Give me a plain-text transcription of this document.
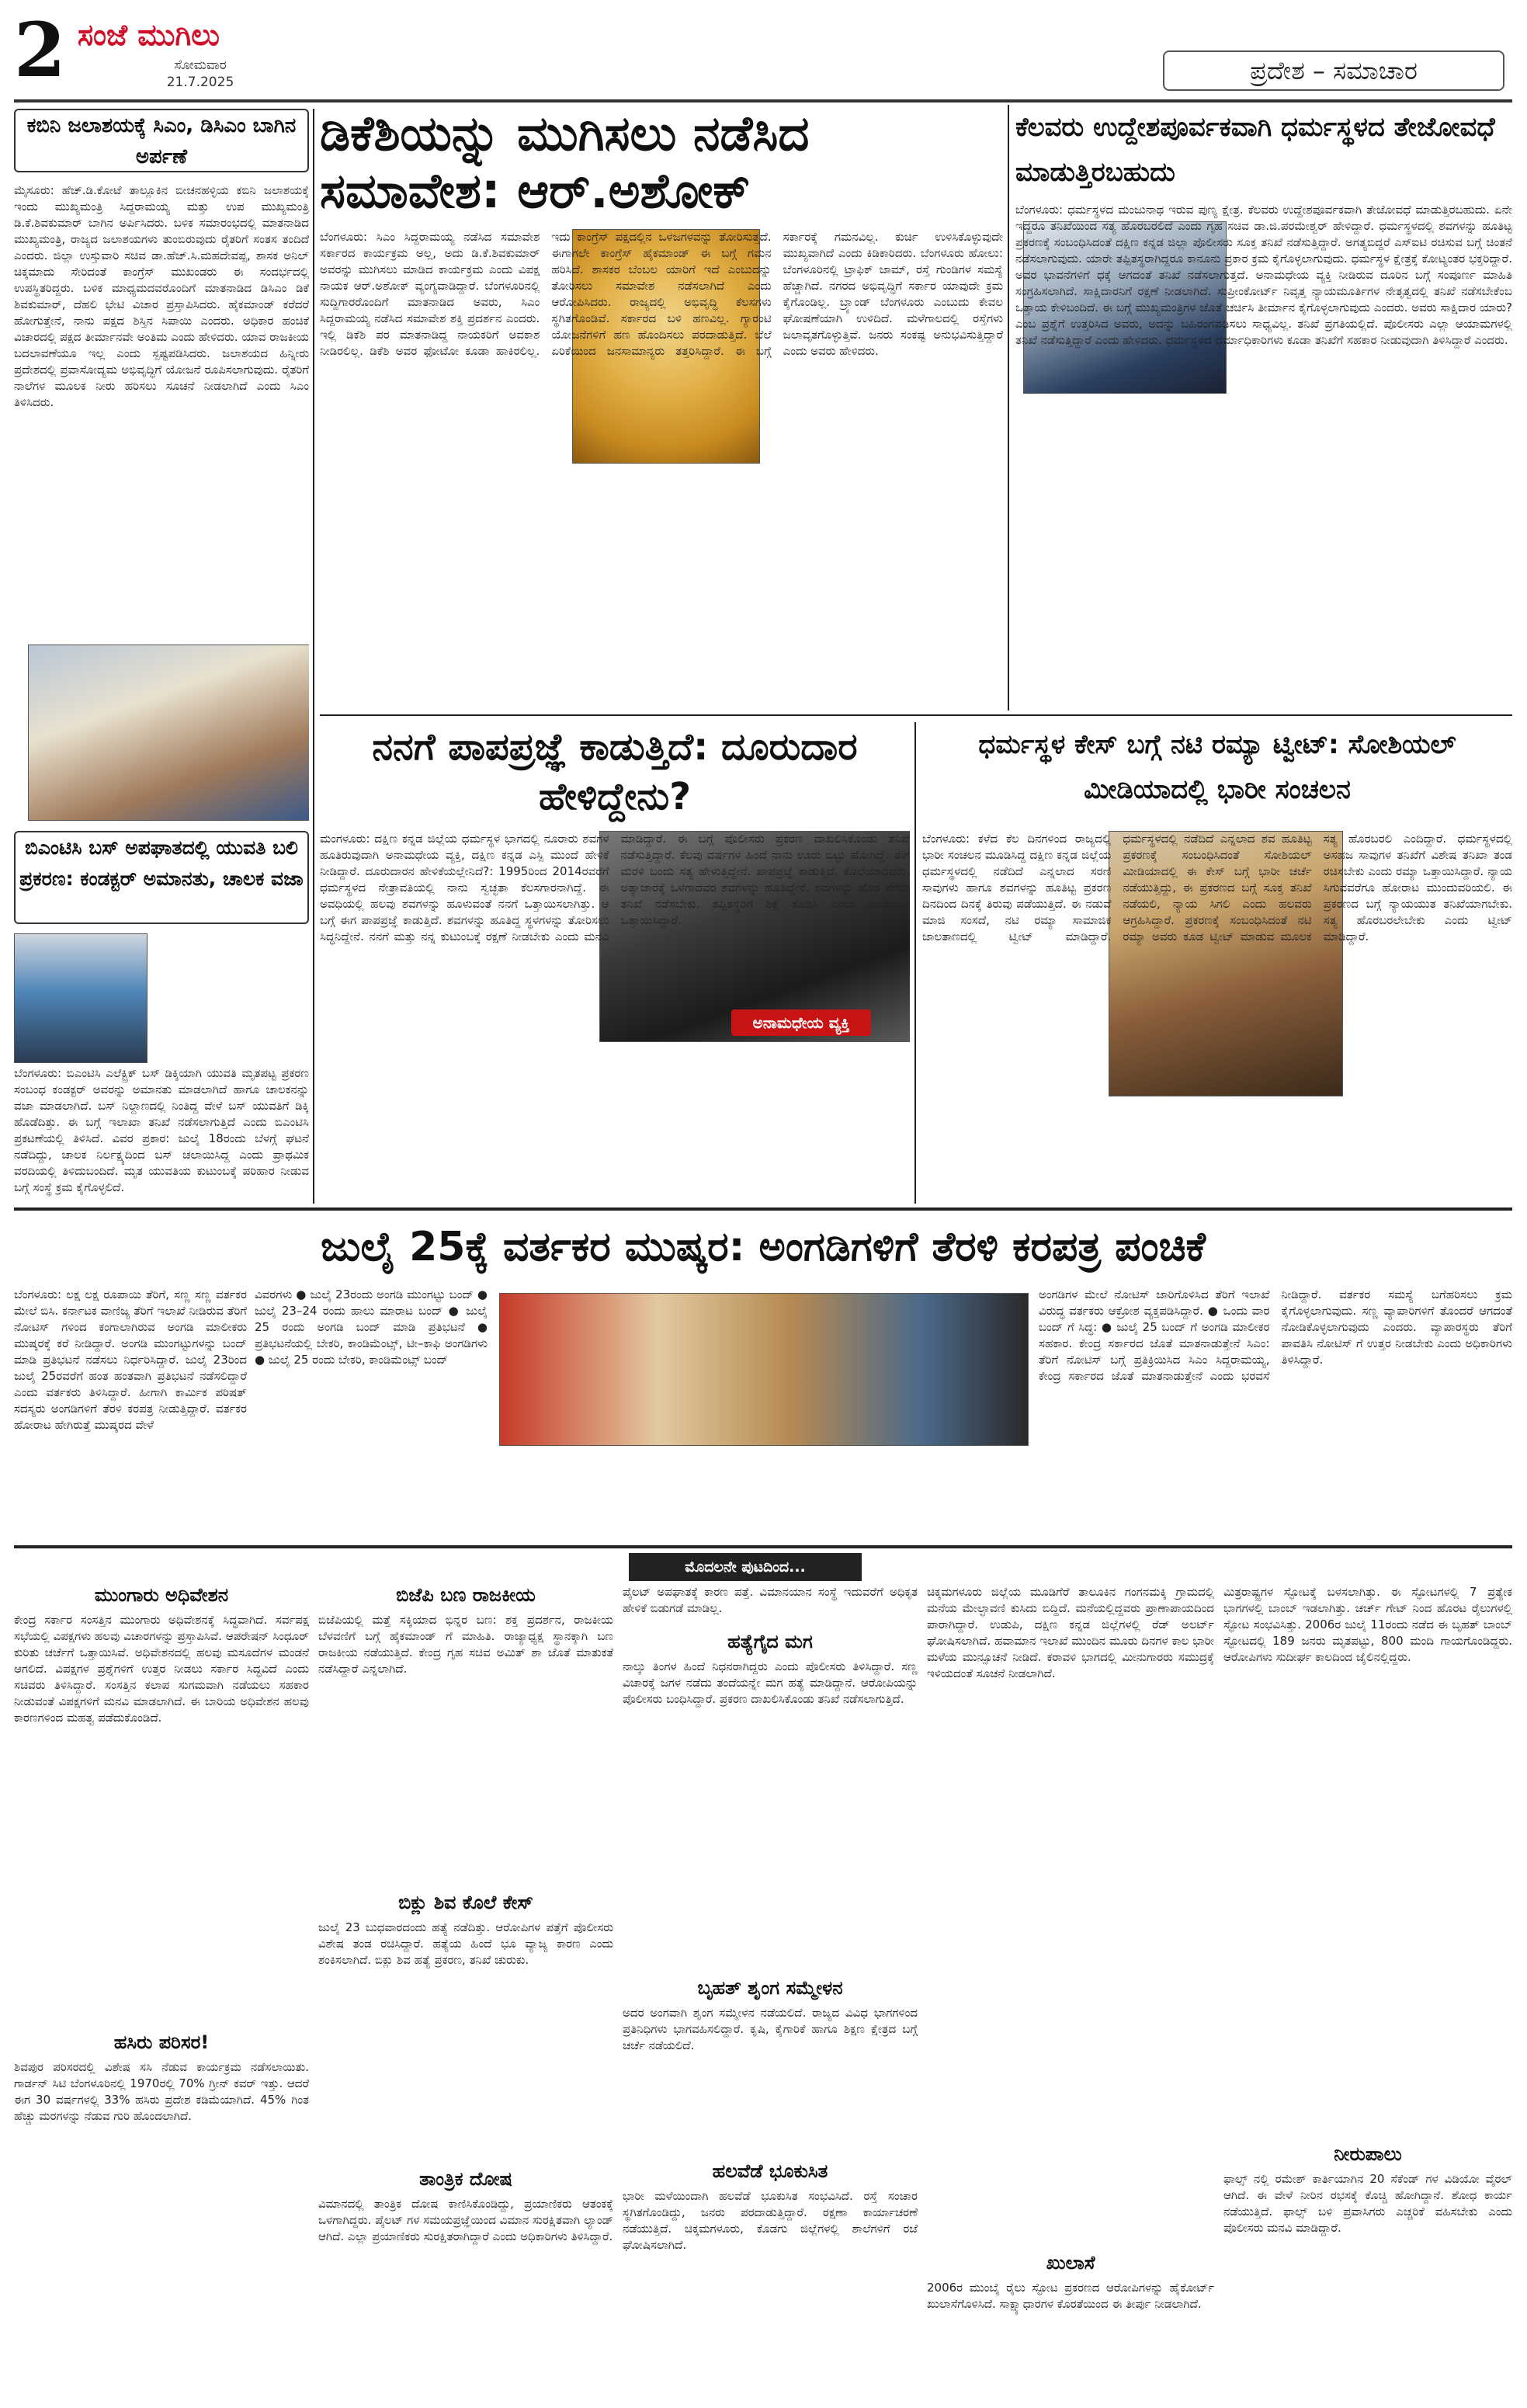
2 ಸಂಜೆ ಮುಗಿಲು
ಸೋಮವಾರ
21.7.2025	ಪ್ರದೇಶ – ಸಮಾಚಾರ
ಕಬಿನಿ ಜಲಾಶಯಕ್ಕೆ ಸಿಎಂ, ಡಿಸಿಎಂ ಬಾಗಿನ ಅರ್ಪಣೆ
ಮೈಸೂರು: ಹೆಚ್.ಡಿ.ಕೋಟೆ ತಾಲ್ಲೂಕಿನ ಬೀಚನಹಳ್ಳಿಯ ಕಬಿನಿ ಜಲಾಶಯಕ್ಕೆ ಇಂದು ಮುಖ್ಯಮಂತ್ರಿ ಸಿದ್ದರಾಮಯ್ಯ ಮತ್ತು ಉಪ ಮುಖ್ಯಮಂತ್ರಿ ಡಿ.ಕೆ.ಶಿವಕುಮಾರ್ ಬಾಗಿನ ಅರ್ಪಿಸಿದರು. ಬಳಿಕ ಸಮಾರಂಭದಲ್ಲಿ ಮಾತನಾಡಿದ ಮುಖ್ಯಮಂತ್ರಿ, ರಾಜ್ಯದ ಜಲಾಶಯಗಳು ತುಂಬಿರುವುದು ರೈತರಿಗೆ ಸಂತಸ ತಂದಿದೆ ಎಂದರು. ಜಿಲ್ಲಾ ಉಸ್ತುವಾರಿ ಸಚಿವ ಡಾ.ಹೆಚ್.ಸಿ.ಮಹದೇವಪ್ಪ, ಶಾಸಕ ಅನಿಲ್ ಚಿಕ್ಕಮಾದು ಸೇರಿದಂತೆ ಕಾಂಗ್ರೆಸ್ ಮುಖಂಡರು ಈ ಸಂದರ್ಭದಲ್ಲಿ ಉಪಸ್ಥಿತರಿದ್ದರು. ಬಳಿಕ ಮಾಧ್ಯಮದವರೊಂದಿಗೆ ಮಾತನಾಡಿದ ಡಿಸಿಎಂ ಡಿಕೆ ಶಿವಕುಮಾರ್, ದೆಹಲಿ ಭೇಟಿ ವಿಚಾರ ಪ್ರಸ್ತಾಪಿಸಿದರು. ಹೈಕಮಾಂಡ್ ಕರೆದರೆ ಹೋಗುತ್ತೇನೆ, ನಾನು ಪಕ್ಷದ ಶಿಸ್ತಿನ ಸಿಪಾಯಿ ಎಂದರು. ಅಧಿಕಾರ ಹಂಚಿಕೆ ವಿಚಾರದಲ್ಲಿ ಪಕ್ಷದ ತೀರ್ಮಾನವೇ ಅಂತಿಮ ಎಂದು ಹೇಳಿದರು. ಯಾವ ರಾಜಕೀಯ ಬದಲಾವಣೆಯೂ ಇಲ್ಲ ಎಂದು ಸ್ಪಷ್ಟಪಡಿಸಿದರು. ಜಲಾಶಯದ ಹಿನ್ನೀರು ಪ್ರದೇಶದಲ್ಲಿ ಪ್ರವಾಸೋದ್ಯಮ ಅಭಿವೃದ್ಧಿಗೆ ಯೋಜನೆ ರೂಪಿಸಲಾಗುವುದು. ರೈತರಿಗೆ ನಾಲೆಗಳ ಮೂಲಕ ನೀರು ಹರಿಸಲು ಸೂಚನೆ ನೀಡಲಾಗಿದೆ ಎಂದು ಸಿಎಂ ತಿಳಿಸಿದರು.
ಬಿಎಂಟಿಸಿ ಬಸ್ ಅಪಘಾತದಲ್ಲಿ ಯುವತಿ ಬಲಿ ಪ್ರಕರಣ: ಕಂಡಕ್ಟರ್ ಅಮಾನತು, ಚಾಲಕ ವಜಾ
ಬೆಂಗಳೂರು: ಬಿಎಂಟಿಸಿ ಎಲೆಕ್ಟ್ರಿಕ್ ಬಸ್ ಡಿಕ್ಕಿಯಾಗಿ ಯುವತಿ ಮೃತಪಟ್ಟ ಪ್ರಕರಣ ಸಂಬಂಧ ಕಂಡಕ್ಟರ್ ಅವರನ್ನು ಅಮಾನತು ಮಾಡಲಾಗಿದೆ ಹಾಗೂ ಚಾಲಕನನ್ನು ವಜಾ ಮಾಡಲಾಗಿದೆ. ಬಸ್ ನಿಲ್ದಾಣದಲ್ಲಿ ನಿಂತಿದ್ದ ವೇಳೆ ಬಸ್ ಯುವತಿಗೆ ಡಿಕ್ಕಿ ಹೊಡೆದಿತ್ತು. ಈ ಬಗ್ಗೆ ಇಲಾಖಾ ತನಿಖೆ ನಡೆಸಲಾಗುತ್ತಿದೆ ಎಂದು ಬಿಎಂಟಿಸಿ ಪ್ರಕಟಣೆಯಲ್ಲಿ ತಿಳಿಸಿದೆ. ವಿವರ ಪ್ರಕಾರ: ಜುಲೈ 18ರಂದು ಬೆಳಗ್ಗೆ ಘಟನೆ ನಡೆದಿದ್ದು, ಚಾಲಕ ನಿರ್ಲಕ್ಷ್ಯದಿಂದ ಬಸ್ ಚಲಾಯಿಸಿದ್ದ ಎಂದು ಪ್ರಾಥಮಿಕ ವರದಿಯಲ್ಲಿ ತಿಳಿದುಬಂದಿದೆ. ಮೃತ ಯುವತಿಯ ಕುಟುಂಬಕ್ಕೆ ಪರಿಹಾರ ನೀಡುವ ಬಗ್ಗೆ ಸಂಸ್ಥೆ ಕ್ರಮ ಕೈಗೊಳ್ಳಲಿದೆ.
ಡಿಕೆಶಿಯನ್ನು ಮುಗಿಸಲು ನಡೆಸಿದ ಸಮಾವೇಶ: ಆರ್.ಅಶೋಕ್
ಬೆಂಗಳೂರು: ಸಿಎಂ ಸಿದ್ದರಾಮಯ್ಯ ನಡೆಸಿದ ಸಮಾವೇಶ ಸರ್ಕಾರದ ಕಾರ್ಯಕ್ರಮ ಅಲ್ಲ, ಅದು ಡಿ.ಕೆ.ಶಿವಕುಮಾರ್ ಅವರನ್ನು ಮುಗಿಸಲು ಮಾಡಿದ ಕಾರ್ಯಕ್ರಮ ಎಂದು ವಿಪಕ್ಷ ನಾಯಕ ಆರ್.ಅಶೋಕ್ ವ್ಯಂಗ್ಯವಾಡಿದ್ದಾರೆ. ಬೆಂಗಳೂರಿನಲ್ಲಿ ಸುದ್ದಿಗಾರರೊಂದಿಗೆ ಮಾತನಾಡಿದ ಅವರು, ಸಿಎಂ ಸಿದ್ದರಾಮಯ್ಯ ನಡೆಸಿದ ಸಮಾವೇಶ ಶಕ್ತಿ ಪ್ರದರ್ಶನ ಎಂದರು. ಇಲ್ಲಿ ಡಿಕೆಶಿ ಪರ ಮಾತನಾಡಿದ್ದ ನಾಯಕರಿಗೆ ಅವಕಾಶ ನೀಡಿರಲಿಲ್ಲ. ಡಿಕೆಶಿ ಅವರ ಫೋಟೋ ಕೂಡಾ ಹಾಕಿರಲಿಲ್ಲ. ಇದು ಕಾಂಗ್ರೆಸ್ ಪಕ್ಷದಲ್ಲಿನ ಒಳಜಗಳವನ್ನು ತೋರಿಸುತ್ತದೆ. ಈಗಾಗಲೇ ಕಾಂಗ್ರೆಸ್ ಹೈಕಮಾಂಡ್ ಈ ಬಗ್ಗೆ ಗಮನ ಹರಿಸಿದೆ. ಶಾಸಕರ ಬೆಂಬಲ ಯಾರಿಗೆ ಇದೆ ಎಂಬುದನ್ನು ತೋರಿಸಲು ಸಮಾವೇಶ ನಡೆಸಲಾಗಿದೆ ಎಂದು ಆರೋಪಿಸಿದರು. ರಾಜ್ಯದಲ್ಲಿ ಅಭಿವೃದ್ಧಿ ಕೆಲಸಗಳು ಸ್ಥಗಿತಗೊಂಡಿವೆ. ಸರ್ಕಾರದ ಬಳಿ ಹಣವಿಲ್ಲ. ಗ್ಯಾರಂಟಿ ಯೋಜನೆಗಳಿಗೆ ಹಣ ಹೊಂದಿಸಲು ಪರದಾಡುತ್ತಿದೆ. ಬೆಲೆ ಏರಿಕೆಯಿಂದ ಜನಸಾಮಾನ್ಯರು ತತ್ತರಿಸಿದ್ದಾರೆ. ಈ ಬಗ್ಗೆ ಸರ್ಕಾರಕ್ಕೆ ಗಮನವಿಲ್ಲ. ಕುರ್ಚಿ ಉಳಿಸಿಕೊಳ್ಳುವುದೇ ಮುಖ್ಯವಾಗಿದೆ ಎಂದು ಕಿಡಿಕಾರಿದರು. ಬೆಂಗಳೂರು ಹೋಲು: ಬೆಂಗಳೂರಿನಲ್ಲಿ ಟ್ರಾಫಿಕ್ ಜಾಮ್, ರಸ್ತೆ ಗುಂಡಿಗಳ ಸಮಸ್ಯೆ ಹೆಚ್ಚಾಗಿದೆ. ನಗರದ ಅಭಿವೃದ್ಧಿಗೆ ಸರ್ಕಾರ ಯಾವುದೇ ಕ್ರಮ ಕೈಗೊಂಡಿಲ್ಲ. ಬ್ರ್ಯಾಂಡ್ ಬೆಂಗಳೂರು ಎಂಬುದು ಕೇವಲ ಘೋಷಣೆಯಾಗಿ ಉಳಿದಿದೆ. ಮಳೆಗಾಲದಲ್ಲಿ ರಸ್ತೆಗಳು ಜಲಾವೃತಗೊಳ್ಳುತ್ತಿವೆ. ಜನರು ಸಂಕಷ್ಟ ಅನುಭವಿಸುತ್ತಿದ್ದಾರೆ ಎಂದು ಅವರು ಹೇಳಿದರು.
ಕೆಲವರು ಉದ್ದೇಶಪೂರ್ವಕವಾಗಿ ಧರ್ಮಸ್ಥಳದ ತೇಜೋವಧೆ ಮಾಡುತ್ತಿರಬಹುದು
ಬೆಂಗಳೂರು: ಧರ್ಮಸ್ಥಳದ ಮಂಜುನಾಥ ಇರುವ ಪುಣ್ಯ ಕ್ಷೇತ್ರ. ಕೆಲವರು ಉದ್ದೇಶಪೂರ್ವಕವಾಗಿ ತೇಜೋವಧೆ ಮಾಡುತ್ತಿರಬಹುದು. ಏನೇ ಇದ್ದರೂ ತನಿಖೆಯಿಂದ ಸತ್ಯ ಹೊರಬರಲಿದೆ ಎಂದು ಗೃಹ ಸಚಿವ ಡಾ.ಜಿ.ಪರಮೇಶ್ವರ್ ಹೇಳಿದ್ದಾರೆ. ಧರ್ಮಸ್ಥಳದಲ್ಲಿ ಶವಗಳನ್ನು ಹೂತಿಟ್ಟ ಪ್ರಕರಣಕ್ಕೆ ಸಂಬಂಧಿಸಿದಂತೆ ದಕ್ಷಿಣ ಕನ್ನಡ ಜಿಲ್ಲಾ ಪೊಲೀಸರು ಸೂಕ್ತ ತನಿಖೆ ನಡೆಸುತ್ತಿದ್ದಾರೆ. ಅಗತ್ಯಬಿದ್ದರೆ ಎಸ್ಐಟಿ ರಚಿಸುವ ಬಗ್ಗೆ ಚಿಂತನೆ ನಡೆಸಲಾಗುವುದು. ಯಾರೇ ತಪ್ಪಿತಸ್ಥರಾಗಿದ್ದರೂ ಕಾನೂನು ಪ್ರಕಾರ ಕ್ರಮ ಕೈಗೊಳ್ಳಲಾಗುವುದು. ಧರ್ಮಸ್ಥಳ ಕ್ಷೇತ್ರಕ್ಕೆ ಕೋಟ್ಯಂತರ ಭಕ್ತರಿದ್ದಾರೆ. ಅವರ ಭಾವನೆಗಳಿಗೆ ಧಕ್ಕೆ ಆಗದಂತೆ ತನಿಖೆ ನಡೆಸಲಾಗುತ್ತದೆ. ಅನಾಮಧೇಯ ವ್ಯಕ್ತಿ ನೀಡಿರುವ ದೂರಿನ ಬಗ್ಗೆ ಸಂಪೂರ್ಣ ಮಾಹಿತಿ ಸಂಗ್ರಹಿಸಲಾಗಿದೆ. ಸಾಕ್ಷಿದಾರನಿಗೆ ರಕ್ಷಣೆ ನೀಡಲಾಗಿದೆ. ಸುಪ್ರೀಂಕೋರ್ಟ್ ನಿವೃತ್ತ ನ್ಯಾಯಮೂರ್ತಿಗಳ ನೇತೃತ್ವದಲ್ಲಿ ತನಿಖೆ ನಡೆಸಬೇಕೆಂಬ ಒತ್ತಾಯ ಕೇಳಿಬಂದಿದೆ. ಈ ಬಗ್ಗೆ ಮುಖ್ಯಮಂತ್ರಿಗಳ ಜೊತೆ ಚರ್ಚಿಸಿ ತೀರ್ಮಾನ ಕೈಗೊಳ್ಳಲಾಗುವುದು ಎಂದರು. ಅವರು ಸಾಕ್ಷಿದಾರ ಯಾರು? ಎಂಬ ಪ್ರಶ್ನೆಗೆ ಉತ್ತರಿಸಿದ ಅವರು, ಅದನ್ನು ಬಹಿರಂಗಪಡಿಸಲು ಸಾಧ್ಯವಿಲ್ಲ. ತನಿಖೆ ಪ್ರಗತಿಯಲ್ಲಿದೆ. ಪೊಲೀಸರು ಎಲ್ಲಾ ಆಯಾಮಗಳಲ್ಲಿ ತನಿಖೆ ನಡೆಸುತ್ತಿದ್ದಾರೆ ಎಂದು ಹೇಳಿದರು. ಧರ್ಮಸ್ಥಳದ ಧರ್ಮಾಧಿಕಾರಿಗಳು ಕೂಡಾ ತನಿಖೆಗೆ ಸಹಕಾರ ನೀಡುವುದಾಗಿ ತಿಳಿಸಿದ್ದಾರೆ ಎಂದರು.
ನನಗೆ ಪಾಪಪ್ರಜ್ಞೆ ಕಾಡುತ್ತಿದೆ: ದೂರುದಾರ ಹೇಳಿದ್ದೇನು?
ಅನಾಮಧೇಯ ವ್ಯಕ್ತಿ
ಮಂಗಳೂರು: ದಕ್ಷಿಣ ಕನ್ನಡ ಜಿಲ್ಲೆಯ ಧರ್ಮಸ್ಥಳ ಭಾಗದಲ್ಲಿ ನೂರಾರು ಶವಗಳ ಹೂತಿರುವುದಾಗಿ ಅನಾಮಧೇಯ ವ್ಯಕ್ತಿ, ದಕ್ಷಿಣ ಕನ್ನಡ ಎಸ್ಪಿ ಮುಂದೆ ಹೇಳಿಕೆ ನೀಡಿದ್ದಾರೆ. ದೂರುದಾರನ ಹೇಳಿಕೆಯಲ್ಲೇನಿದೆ?: 1995ರಿಂದ 2014ರವರೆಗೆ ಧರ್ಮಸ್ಥಳದ ನೇತ್ರಾವತಿಯಲ್ಲಿ ನಾನು ಸ್ವಚ್ಛತಾ ಕೆಲಸಗಾರನಾಗಿದ್ದೆ. ಈ ಅವಧಿಯಲ್ಲಿ ಹಲವು ಶವಗಳನ್ನು ಹೂಳುವಂತೆ ನನಗೆ ಒತ್ತಾಯಿಸಲಾಗಿತ್ತು. ಆ ಬಗ್ಗೆ ಈಗ ಪಾಪಪ್ರಜ್ಞೆ ಕಾಡುತ್ತಿದೆ. ಶವಗಳನ್ನು ಹೂತಿದ್ದ ಸ್ಥಳಗಳನ್ನು ತೋರಿಸಲು ಸಿದ್ಧನಿದ್ದೇನೆ. ನನಗೆ ಮತ್ತು ನನ್ನ ಕುಟುಂಬಕ್ಕೆ ರಕ್ಷಣೆ ನೀಡಬೇಕು ಎಂದು ಮನವಿ ಮಾಡಿದ್ದಾರೆ. ಈ ಬಗ್ಗೆ ಪೊಲೀಸರು ಪ್ರಕರಣ ದಾಖಲಿಸಿಕೊಂಡು ತನಿಖೆ ನಡೆಸುತ್ತಿದ್ದಾರೆ. ಕೆಲವು ವರ್ಷಗಳ ಹಿಂದೆ ನಾನು ಊರು ಬಿಟ್ಟು ಹೋಗಿದ್ದೆ. ಈಗ ಮರಳಿ ಬಂದು ಸತ್ಯ ಹೇಳುತ್ತಿದ್ದೇನೆ. ಪಾಪಪ್ರಜ್ಞೆ ಕಾಡುತ್ತಿದೆ. ಕೊಲೆಯಾದವರು, ಅತ್ಯಾಚಾರಕ್ಕೆ ಒಳಗಾದವರ ಶವಗಳನ್ನು ಹೂತಿದ್ದೇನೆ. ಶವಗಳನ್ನು ಹೊರ ತೆಗೆದು ತನಿಖೆ ನಡೆಸಬೇಕು. ತಪ್ಪಿತಸ್ಥರಿಗೆ ಶಿಕ್ಷೆ ಕೊಡಿಸಿ ಎಂದು ದೂರುದಾರ ಒತ್ತಾಯಿಸಿದ್ದಾರೆ.
ಧರ್ಮಸ್ಥಳ ಕೇಸ್ ಬಗ್ಗೆ ನಟಿ ರಮ್ಯಾ ಟ್ವೀಟ್: ಸೋಶಿಯಲ್ ಮೀಡಿಯಾದಲ್ಲಿ ಭಾರೀ ಸಂಚಲನ
ಬೆಂಗಳೂರು: ಕಳೆದ ಕೆಲ ದಿನಗಳಿಂದ ರಾಜ್ಯದಲ್ಲಿ ಭಾರೀ ಸಂಚಲನ ಮೂಡಿಸಿದ್ದ ದಕ್ಷಿಣ ಕನ್ನಡ ಜಿಲ್ಲೆಯ ಧರ್ಮಸ್ಥಳದಲ್ಲಿ ನಡೆದಿದೆ ಎನ್ನಲಾದ ಸರಣಿ ಸಾವುಗಳು ಹಾಗೂ ಶವಗಳನ್ನು ಹೂತಿಟ್ಟ ಪ್ರಕರಣ ದಿನದಿಂದ ದಿನಕ್ಕೆ ತಿರುವು ಪಡೆಯುತ್ತಿದೆ. ಈ ನಡುವೆ ಮಾಜಿ ಸಂಸದೆ, ನಟಿ ರಮ್ಯಾ ಸಾಮಾಜಿಕ ಜಾಲತಾಣದಲ್ಲಿ ಟ್ವೀಟ್ ಮಾಡಿದ್ದಾರೆ. ಧರ್ಮಸ್ಥಳದಲ್ಲಿ ನಡೆದಿದೆ ಎನ್ನಲಾದ ಶವ ಹೂತಿಟ್ಟ ಪ್ರಕರಣಕ್ಕೆ ಸಂಬಂಧಿಸಿದಂತೆ ಸೋಶಿಯಲ್ ಮೀಡಿಯಾದಲ್ಲಿ ಈ ಕೇಸ್ ಬಗ್ಗೆ ಭಾರೀ ಚರ್ಚೆ ನಡೆಯುತ್ತಿದ್ದು, ಈ ಪ್ರಕರಣದ ಬಗ್ಗೆ ಸೂಕ್ತ ತನಿಖೆ ನಡೆಯಲಿ, ನ್ಯಾಯ ಸಿಗಲಿ ಎಂದು ಹಲವರು ಆಗ್ರಹಿಸಿದ್ದಾರೆ. ಪ್ರಕರಣಕ್ಕೆ ಸಂಬಂಧಿಸಿದಂತೆ ನಟಿ ರಮ್ಯಾ ಅವರು ಕೂಡ ಟ್ವೀಟ್ ಮಾಡುವ ಮೂಲಕ ಸತ್ಯ ಹೊರಬರಲಿ ಎಂದಿದ್ದಾರೆ. ಧರ್ಮಸ್ಥಳದಲ್ಲಿ ಅಸಹಜ ಸಾವುಗಳ ತನಿಖೆಗೆ ವಿಶೇಷ ತನಿಖಾ ತಂಡ ರಚಿಸಬೇಕು ಎಂದು ರಮ್ಯಾ ಒತ್ತಾಯಿಸಿದ್ದಾರೆ. ನ್ಯಾಯ ಸಿಗುವವರೆಗೂ ಹೋರಾಟ ಮುಂದುವರಿಯಲಿ. ಈ ಪ್ರಕರಣದ ಬಗ್ಗೆ ನ್ಯಾಯಯುತ ತನಿಖೆಯಾಗಬೇಕು. ಸತ್ಯ ಹೊರಬರಲೇಬೇಕು ಎಂದು ಟ್ವೀಟ್ ಮಾಡಿದ್ದಾರೆ.
ಜುಲೈ 25ಕ್ಕೆ ವರ್ತಕರ ಮುಷ್ಕರ: ಅಂಗಡಿಗಳಿಗೆ ತೆರಳಿ ಕರಪತ್ರ ಪಂಚಿಕೆ
ಬೆಂಗಳೂರು: ಲಕ್ಷ ಲಕ್ಷ ರೂಪಾಯಿ ತೆರಿಗೆ, ಸಣ್ಣ ಸಣ್ಣ ವರ್ತಕರ ಮೇಲೆ ಬಿಸಿ. ಕರ್ನಾಟಕ ವಾಣಿಜ್ಯ ತೆರಿಗೆ ಇಲಾಖೆ ನೀಡಿರುವ ತೆರಿಗೆ ನೋಟಿಸ್ ಗಳಿಂದ ಕಂಗಾಲಾಗಿರುವ ಅಂಗಡಿ ಮಾಲೀಕರು ಮುಷ್ಕರಕ್ಕೆ ಕರೆ ನೀಡಿದ್ದಾರೆ. ಅಂಗಡಿ ಮುಂಗಟ್ಟುಗಳನ್ನು ಬಂದ್ ಮಾಡಿ ಪ್ರತಿಭಟನೆ ನಡೆಸಲು ನಿರ್ಧರಿಸಿದ್ದಾರೆ. ಜುಲೈ 23ರಿಂದ ಜುಲೈ 25ರವರೆಗೆ ಹಂತ ಹಂತವಾಗಿ ಪ್ರತಿಭಟನೆ ನಡೆಸಲಿದ್ದಾರೆ ಎಂದು ವರ್ತಕರು ತಿಳಿಸಿದ್ದಾರೆ. ಹೀಗಾಗಿ ಕಾರ್ಮಿಕ ಪರಿಷತ್ ಸದಸ್ಯರು ಅಂಗಡಿಗಳಿಗೆ ತೆರಳಿ ಕರಪತ್ರ ನೀಡುತ್ತಿದ್ದಾರೆ. ವರ್ತಕರ ಹೋರಾಟ ಹೇಗಿರುತ್ತೆ ಮುಷ್ಕರದ ವೇಳೆ
ವಿವರಗಳು ● ಜುಲೈ 23ರಂದು ಅಂಗಡಿ ಮುಂಗಟ್ಟು ಬಂದ್ ● ಜುಲೈ 23–24 ರಂದು ಹಾಲು ಮಾರಾಟ ಬಂದ್ ● ಜುಲೈ 25 ರಂದು ಅಂಗಡಿ ಬಂದ್ ಮಾಡಿ ಪ್ರತಿಭಟನೆ ● ಪ್ರತಿಭಟನೆಯಲ್ಲಿ ಬೇಕರಿ, ಕಾಂಡಿಮೆಂಟ್ಸ್, ಟೀ–ಕಾಫಿ ಅಂಗಡಿಗಳು ● ಜುಲೈ 25 ರಂದು ಬೇಕರಿ, ಕಾಂಡಿಮೆಂಟ್ಸ್ ಬಂದ್
ಅಂಗಡಿಗಳ ಮೇಲೆ ನೋಟಿಸ್ ಜಾರಿಗೊಳಿಸಿದ ತೆರಿಗೆ ಇಲಾಖೆ ವಿರುದ್ಧ ವರ್ತಕರು ಆಕ್ರೋಶ ವ್ಯಕ್ತಪಡಿಸಿದ್ದಾರೆ. ● ಒಂದು ವಾರ ಬಂದ್ ಗೆ ಸಿದ್ಧ: ● ಜುಲೈ 25 ಬಂದ್ ಗೆ ಅಂಗಡಿ ಮಾಲೀಕರ ಸಹಕಾರ. ಕೇಂದ್ರ ಸರ್ಕಾರದ ಜೊತೆ ಮಾತನಾಡುತ್ತೇನೆ ಸಿಎಂ: ತೆರಿಗೆ ನೋಟಿಸ್ ಬಗ್ಗೆ ಪ್ರತಿಕ್ರಿಯಿಸಿದ ಸಿಎಂ ಸಿದ್ದರಾಮಯ್ಯ, ಕೇಂದ್ರ ಸರ್ಕಾರದ ಜೊತೆ ಮಾತನಾಡುತ್ತೇನೆ ಎಂದು ಭರವಸೆ ನೀಡಿದ್ದಾರೆ. ವರ್ತಕರ ಸಮಸ್ಯೆ ಬಗೆಹರಿಸಲು ಕ್ರಮ ಕೈಗೊಳ್ಳಲಾಗುವುದು. ಸಣ್ಣ ವ್ಯಾಪಾರಿಗಳಿಗೆ ತೊಂದರೆ ಆಗದಂತೆ ನೋಡಿಕೊಳ್ಳಲಾಗುವುದು ಎಂದರು. ವ್ಯಾಪಾರಸ್ಥರು ತೆರಿಗೆ ಪಾವತಿಸಿ ನೋಟಿಸ್ ಗೆ ಉತ್ತರ ನೀಡಬೇಕು ಎಂದು ಅಧಿಕಾರಿಗಳು ತಿಳಿಸಿದ್ದಾರೆ.
ಮೊದಲನೇ ಪುಟದಿಂದ...
ಮುಂಗಾರು ಅಧಿವೇಶನ
ಕೇಂದ್ರ ಸರ್ಕಾರ ಸಂಸತ್ತಿನ ಮುಂಗಾರು ಅಧಿವೇಶನಕ್ಕೆ ಸಿದ್ಧವಾಗಿದೆ. ಸರ್ವಪಕ್ಷ ಸಭೆಯಲ್ಲಿ ವಿಪಕ್ಷಗಳು ಹಲವು ವಿಚಾರಗಳನ್ನು ಪ್ರಸ್ತಾಪಿಸಿವೆ. ಆಪರೇಷನ್ ಸಿಂಧೂರ್ ಕುರಿತು ಚರ್ಚೆಗೆ ಒತ್ತಾಯಿಸಿವೆ. ಅಧಿವೇಶನದಲ್ಲಿ ಹಲವು ಮಸೂದೆಗಳ ಮಂಡನೆ ಆಗಲಿದೆ. ವಿಪಕ್ಷಗಳ ಪ್ರಶ್ನೆಗಳಿಗೆ ಉತ್ತರ ನೀಡಲು ಸರ್ಕಾರ ಸಿದ್ಧವಿದೆ ಎಂದು ಸಚಿವರು ತಿಳಿಸಿದ್ದಾರೆ. ಸಂಸತ್ತಿನ ಕಲಾಪ ಸುಗಮವಾಗಿ ನಡೆಯಲು ಸಹಕಾರ ನೀಡುವಂತೆ ವಿಪಕ್ಷಗಳಿಗೆ ಮನವಿ ಮಾಡಲಾಗಿದೆ. ಈ ಬಾರಿಯ ಅಧಿವೇಶನ ಹಲವು ಕಾರಣಗಳಿಂದ ಮಹತ್ವ ಪಡೆದುಕೊಂಡಿದೆ.
ಹಸಿರು ಪರಿಸರ!
ಶಿವಪುರ ಪರಿಸರದಲ್ಲಿ ವಿಶೇಷ ಸಸಿ ನೆಡುವ ಕಾರ್ಯಕ್ರಮ ನಡೆಸಲಾಯಿತು. ಗಾರ್ಡನ್ ಸಿಟಿ ಬೆಂಗಳೂರಿನಲ್ಲಿ 1970ರಲ್ಲಿ 70% ಗ್ರೀನ್ ಕವರ್ ಇತ್ತು. ಆದರೆ ಈಗ 30 ವರ್ಷಗಳಲ್ಲಿ 33% ಹಸಿರು ಪ್ರದೇಶ ಕಡಿಮೆಯಾಗಿದೆ. 45% ಗಿಂತ ಹೆಚ್ಚು ಮರಗಳನ್ನು ನೆಡುವ ಗುರಿ ಹೊಂದಲಾಗಿದೆ.
ಬಿಜೆಪಿ ಬಣ ರಾಜಕೀಯ
ಬಿಜೆಪಿಯಲ್ಲಿ ಮತ್ತೆ ಸಕ್ಕಿಯಾದ ಭಿನ್ನರ ಬಣ: ಶಕ್ತ ಪ್ರದರ್ಶನ, ರಾಜಕೀಯ ಬೆಳವಣಿಗೆ ಬಗ್ಗೆ ಹೈಕಮಾಂಡ್ ಗೆ ಮಾಹಿತಿ. ರಾಜ್ಯಾಧ್ಯಕ್ಷ ಸ್ಥಾನಕ್ಕಾಗಿ ಬಣ ರಾಜಕೀಯ ನಡೆಯುತ್ತಿದೆ. ಕೇಂದ್ರ ಗೃಹ ಸಚಿವ ಅಮಿತ್ ಶಾ ಜೊತೆ ಮಾತುಕತೆ ನಡೆಸಿದ್ದಾರೆ ಎನ್ನಲಾಗಿದೆ.
ಬಿಕ್ಲು ಶಿವ ಕೊಲೆ ಕೇಸ್
ಜುಲೈ 23 ಬುಧವಾರದಂದು ಹತ್ಯೆ ನಡೆದಿತ್ತು. ಆರೋಪಿಗಳ ಪತ್ತೆಗೆ ಪೊಲೀಸರು ವಿಶೇಷ ತಂಡ ರಚಿಸಿದ್ದಾರೆ. ಹತ್ಯೆಯ ಹಿಂದೆ ಭೂ ವ್ಯಾಜ್ಯ ಕಾರಣ ಎಂದು ಶಂಕಿಸಲಾಗಿದೆ. ಬಿಕ್ಲು ಶಿವ ಹತ್ಯೆ ಪ್ರಕರಣ, ತನಿಖೆ ಚುರುಕು.
ತಾಂತ್ರಿಕ ದೋಷ
ವಿಮಾನದಲ್ಲಿ ತಾಂತ್ರಿಕ ದೋಷ ಕಾಣಿಸಿಕೊಂಡಿದ್ದು, ಪ್ರಯಾಣಿಕರು ಆತಂಕಕ್ಕೆ ಒಳಗಾಗಿದ್ದರು. ಪೈಲಟ್ ಗಳ ಸಮಯಪ್ರಜ್ಞೆಯಿಂದ ವಿಮಾನ ಸುರಕ್ಷಿತವಾಗಿ ಲ್ಯಾಂಡ್ ಆಗಿದೆ. ಎಲ್ಲಾ ಪ್ರಯಾಣಿಕರು ಸುರಕ್ಷಿತರಾಗಿದ್ದಾರೆ ಎಂದು ಅಧಿಕಾರಿಗಳು ತಿಳಿಸಿದ್ದಾರೆ.
ಪೈಲಟ್ ಅಪಘಾತಕ್ಕೆ ಕಾರಣ ಪತ್ತೆ. ವಿಮಾನಯಾನ ಸಂಸ್ಥೆ ಇದುವರೆಗೆ ಅಧಿಕೃತ ಹೇಳಿಕೆ ಬಿಡುಗಡೆ ಮಾಡಿಲ್ಲ.
ಹತ್ಯೆಗೈದ ಮಗ
ನಾಲ್ಕು ತಿಂಗಳ ಹಿಂದೆ ನಿಧನರಾಗಿದ್ದರು ಎಂದು ಪೊಲೀಸರು ತಿಳಿಸಿದ್ದಾರೆ. ಸಣ್ಣ ವಿಚಾರಕ್ಕೆ ಜಗಳ ನಡೆದು ತಂದೆಯನ್ನೇ ಮಗ ಹತ್ಯೆ ಮಾಡಿದ್ದಾನೆ. ಆರೋಪಿಯನ್ನು ಪೊಲೀಸರು ಬಂಧಿಸಿದ್ದಾರೆ. ಪ್ರಕರಣ ದಾಖಲಿಸಿಕೊಂಡು ತನಿಖೆ ನಡೆಸಲಾಗುತ್ತಿದೆ.
ಬೃಹತ್ ಶೃಂಗ ಸಮ್ಮೇಳನ
ಅದರ ಅಂಗವಾಗಿ ಶೃಂಗ ಸಮ್ಮೇಳನ ನಡೆಯಲಿದೆ. ರಾಜ್ಯದ ವಿವಿಧ ಭಾಗಗಳಿಂದ ಪ್ರತಿನಿಧಿಗಳು ಭಾಗವಹಿಸಲಿದ್ದಾರೆ. ಕೃಷಿ, ಕೈಗಾರಿಕೆ ಹಾಗೂ ಶಿಕ್ಷಣ ಕ್ಷೇತ್ರದ ಬಗ್ಗೆ ಚರ್ಚೆ ನಡೆಯಲಿದೆ.
ಹಲವೆಡೆ ಭೂಕುಸಿತ
ಭಾರೀ ಮಳೆಯಿಂದಾಗಿ ಹಲವೆಡೆ ಭೂಕುಸಿತ ಸಂಭವಿಸಿದೆ. ರಸ್ತೆ ಸಂಚಾರ ಸ್ಥಗಿತಗೊಂಡಿದ್ದು, ಜನರು ಪರದಾಡುತ್ತಿದ್ದಾರೆ. ರಕ್ಷಣಾ ಕಾರ್ಯಾಚರಣೆ ನಡೆಯುತ್ತಿದೆ. ಚಿಕ್ಕಮಗಳೂರು, ಕೊಡಗು ಜಿಲ್ಲೆಗಳಲ್ಲಿ ಶಾಲೆಗಳಿಗೆ ರಜೆ ಘೋಷಿಸಲಾಗಿದೆ.
ಚಿಕ್ಕಮಗಳೂರು ಜಿಲ್ಲೆಯ ಮೂಡಿಗೆರೆ ತಾಲೂಕಿನ ಗಂಗನಮಕ್ಕಿ ಗ್ರಾಮದಲ್ಲಿ ಮನೆಯ ಮೇಲ್ಛಾವಣಿ ಕುಸಿದು ಬಿದ್ದಿದೆ. ಮನೆಯಲ್ಲಿದ್ದವರು ಪ್ರಾಣಾಪಾಯದಿಂದ ಪಾರಾಗಿದ್ದಾರೆ. ಉಡುಪಿ, ದಕ್ಷಿಣ ಕನ್ನಡ ಜಿಲ್ಲೆಗಳಲ್ಲಿ ರೆಡ್ ಅಲರ್ಟ್ ಘೋಷಿಸಲಾಗಿದೆ. ಹವಾಮಾನ ಇಲಾಖೆ ಮುಂದಿನ ಮೂರು ದಿನಗಳ ಕಾಲ ಭಾರೀ ಮಳೆಯ ಮುನ್ಸೂಚನೆ ನೀಡಿದೆ. ಕರಾವಳಿ ಭಾಗದಲ್ಲಿ ಮೀನುಗಾರರು ಸಮುದ್ರಕ್ಕೆ ಇಳಿಯದಂತೆ ಸೂಚನೆ ನೀಡಲಾಗಿದೆ.
ಖುಲಾಸೆ
2006ರ ಮುಂಬೈ ರೈಲು ಸ್ಫೋಟ ಪ್ರಕರಣದ ಆರೋಪಿಗಳನ್ನು ಹೈಕೋರ್ಟ್ ಖುಲಾಸೆಗೊಳಿಸಿದೆ. ಸಾಕ್ಷ್ಯಾಧಾರಗಳ ಕೊರತೆಯಿಂದ ಈ ತೀರ್ಪು ನೀಡಲಾಗಿದೆ.
ಮಿತ್ರರಾಷ್ಟ್ರಗಳ ಸ್ಫೋಟಕ್ಕೆ ಬಳಸಲಾಗಿತ್ತು. ಈ ಸ್ಫೋಟಗಳಲ್ಲಿ 7 ಪ್ರತ್ಯೇಕ ಭಾಗಗಳಲ್ಲಿ ಬಾಂಬ್ ಇಡಲಾಗಿತ್ತು. ಚರ್ಚ್ ಗೇಟ್ ನಿಂದ ಹೊರಟ ರೈಲುಗಳಲ್ಲಿ ಸ್ಫೋಟ ಸಂಭವಿಸಿತ್ತು. 2006ರ ಜುಲೈ 11ರಂದು ನಡೆದ ಈ ಬೃಹತ್ ಬಾಂಬ್ ಸ್ಫೋಟದಲ್ಲಿ 189 ಜನರು ಮೃತಪಟ್ಟು, 800 ಮಂದಿ ಗಾಯಗೊಂಡಿದ್ದರು. ಆರೋಪಿಗಳು ಸುದೀರ್ಘ ಕಾಲದಿಂದ ಜೈಲಿನಲ್ಲಿದ್ದರು.
ನೀರುಪಾಲು
ಫಾಲ್ಸ್ ನಲ್ಲಿ ರಮೇಶ್ ಕಾರ್ತಿಯಾಗಿನ 20 ಸೆಕೆಂಡ್ ಗಳ ವಿಡಿಯೋ ವೈರಲ್ ಆಗಿದೆ. ಈ ವೇಳೆ ನೀರಿನ ರಭಸಕ್ಕೆ ಕೊಚ್ಚಿ ಹೋಗಿದ್ದಾನೆ. ಶೋಧ ಕಾರ್ಯ ನಡೆಯುತ್ತಿದೆ. ಫಾಲ್ಸ್ ಬಳಿ ಪ್ರವಾಸಿಗರು ಎಚ್ಚರಿಕೆ ವಹಿಸಬೇಕು ಎಂದು ಪೊಲೀಸರು ಮನವಿ ಮಾಡಿದ್ದಾರೆ.
